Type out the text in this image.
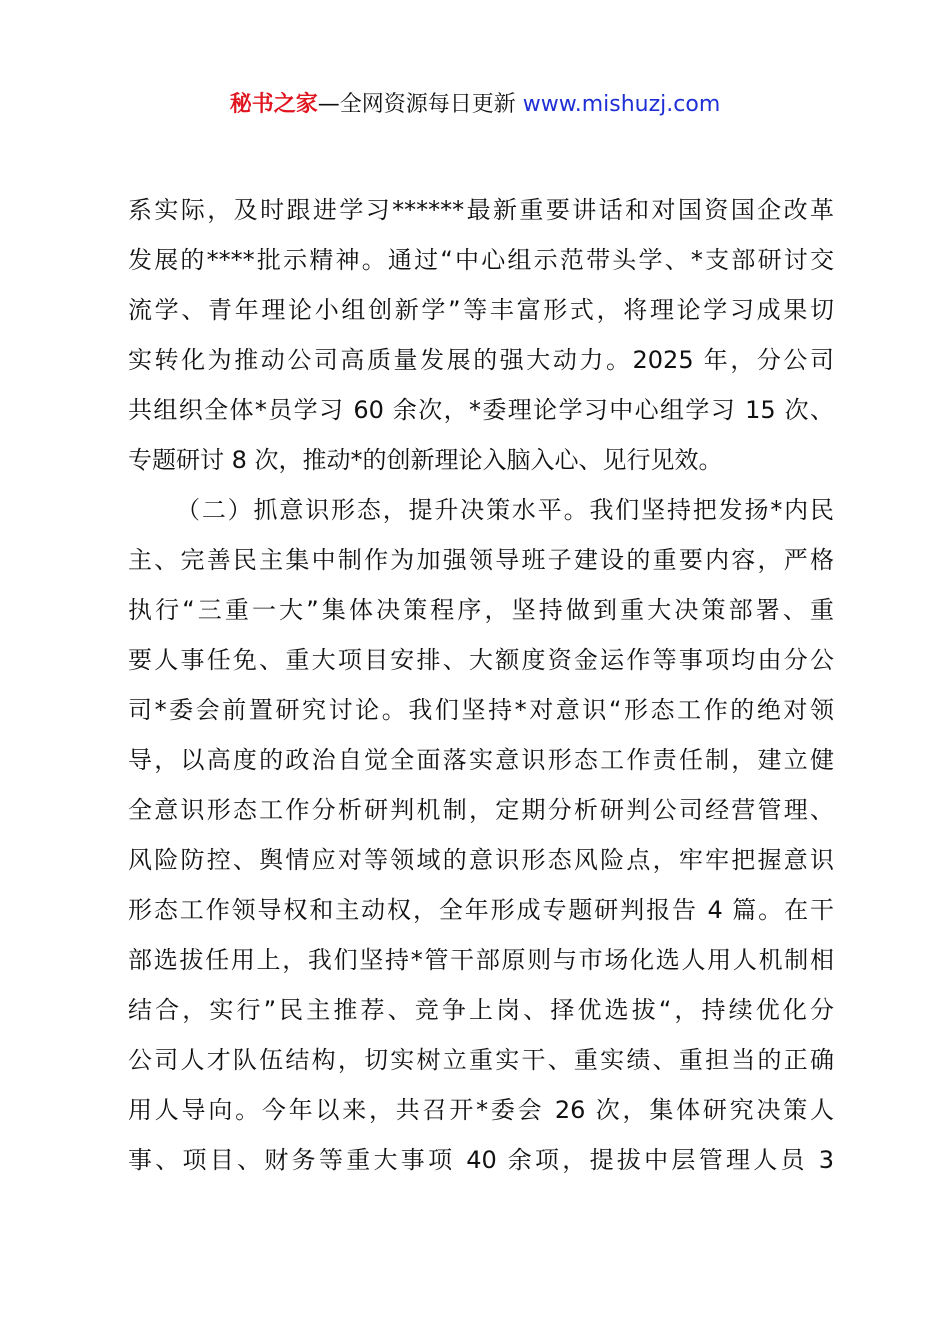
秘书之家—全网资源每日更新 www.mishuzj.com
系实际，及时跟进学习******最新重要讲话和对国资国企改革
发展的****批示精神。通过“中心组示范带头学、*支部研讨交
流学、青年理论小组创新学”等丰富形式，将理论学习成果切
实转化为推动公司高质量发展的强大动力。2025 年，分公司
共组织全体*员学习 60 余次，*委理论学习中心组学习 15 次、
专题研讨 8 次，推动*的创新理论入脑入心、见行见效。
（二）抓意识形态，提升决策水平。我们坚持把发扬*内民
主、完善民主集中制作为加强领导班子建设的重要内容，严格
执行“三重一大”集体决策程序，坚持做到重大决策部署、重
要人事任免、重大项目安排、大额度资金运作等事项均由分公
司*委会前置研究讨论。我们坚持*对意识“形态工作的绝对领
导，以高度的政治自觉全面落实意识形态工作责任制，建立健
全意识形态工作分析研判机制，定期分析研判公司经营管理、
风险防控、舆情应对等领域的意识形态风险点，牢牢把握意识
形态工作领导权和主动权，全年形成专题研判报告 4 篇。在干
部选拔任用上，我们坚持*管干部原则与市场化选人用人机制相
结合，实行”民主推荐、竞争上岗、择优选拔“，持续优化分
公司人才队伍结构，切实树立重实干、重实绩、重担当的正确
用人导向。今年以来，共召开*委会 26 次，集体研究决策人
事、项目、财务等重大事项 40 余项，提拔中层管理人员 3
